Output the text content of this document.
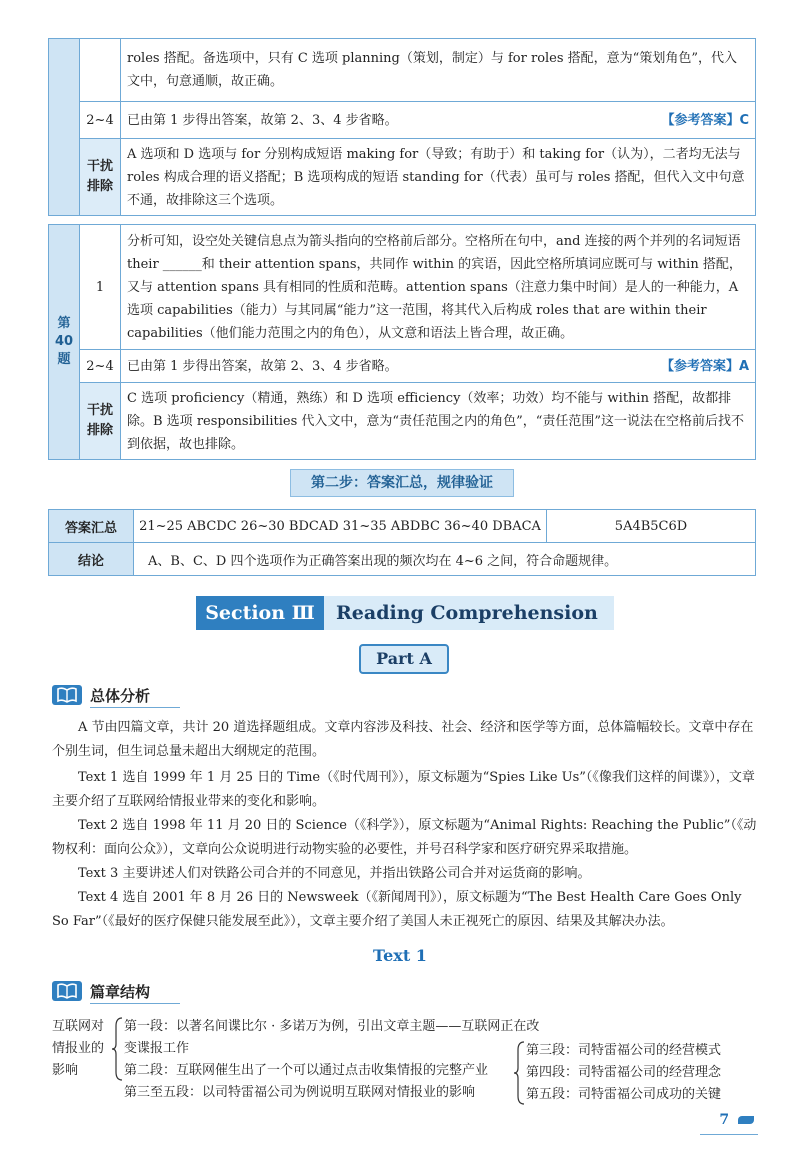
		roles 搭配。备选项中，只有 C 选项 planning（策划，制定）与 for roles 搭配，意为“策划角色”，代入文中，句意通顺，故正确。
	2~4	已由第 1 步得出答案，故第 2、3、4 步省略。 【参考答案】C

	干扰排除	A 选项和 D 选项与 for 分别构成短语 making for（导致；有助于）和 taking for（认为），二者均无法与 roles 构成合理的语义搭配；B 选项构成的短语 standing for（代表）虽可与 roles 搭配，但代入文中句意不通，故排除这三个选项。
第40题	1	分析可知，设空处关键信息点为箭头指向的空格前后部分。空格所在句中，and 连接的两个并列的名词短语 their ______和 their attention spans，共同作 within 的宾语，因此空格所填词应既可与 within 搭配，又与 attention spans 具有相同的性质和范畴。attention spans（注意力集中时间）是人的一种能力，A 选项 capabilities（能力）与其同属“能力”这一范围，将其代入后构成 roles that are within their capabilities（他们能力范围之内的角色），从文意和语法上皆合理，故正确。
	2~4	已由第 1 步得出答案，故第 2、3、4 步省略。 【参考答案】A

	干扰排除	C 选项 proficiency（精通，熟练）和 D 选项 efficiency（效率；功效）均不能与 within 搭配，故都排除。B 选项 responsibilities 代入文中，意为“责任范围之内的角色”，“责任范围”这一说法在空格前后找不到依据，故也排除。
第二步：答案汇总，规律验证
答案汇总	21~25 ABCDC 26~30 BDCAD 31~35 ABDBC 36~40 DBACA	5A4B5C6D
结论	A、B、C、D 四个选项作为正确答案出现的频次均在 4~6 之间，符合命题规律。	
Section Ⅲ	Reading Comprehension
Part A
总体分析
A 节由四篇文章，共计 20 道选择题组成。文章内容涉及科技、社会、经济和医学等方面，总体篇幅较长。文章中存在个别生词，但生词总量未超出大纲规定的范围。
Text 1 选自 1999 年 1 月 25 日的 Time（《时代周刊》），原文标题为“Spies Like Us”（《像我们这样的间谍》），文章主要介绍了互联网给情报业带来的变化和影响。
Text 2 选自 1998 年 11 月 20 日的 Science（《科学》），原文标题为“Animal Rights: Reaching the Public”（《动物权利：面向公众》），文章向公众说明进行动物实验的必要性，并号召科学家和医疗研究界采取措施。
Text 3 主要讲述人们对铁路公司合并的不同意见，并指出铁路公司合并对运货商的影响。
Text 4 选自 2001 年 8 月 26 日的 Newsweek（《新闻周刊》），原文标题为“The Best Health Care Goes Only So Far”（《最好的医疗保健只能发展至此》），文章主要介绍了美国人未正视死亡的原因、结果及其解决办法。
Text 1
篇章结构
互联网对
情报业的
影响
第一段：以著名间谍比尔 · 多诺万为例，引出文章主题——互联网正在改变谍报工作
第二段：互联网催生出了一个可以通过点击收集情报的完整产业
第三至五段：以司特雷福公司为例说明互联网对情报业的影响
第三段：司特雷福公司的经营模式
第四段：司特雷福公司的经营理念
第五段：司特雷福公司成功的关键
7
